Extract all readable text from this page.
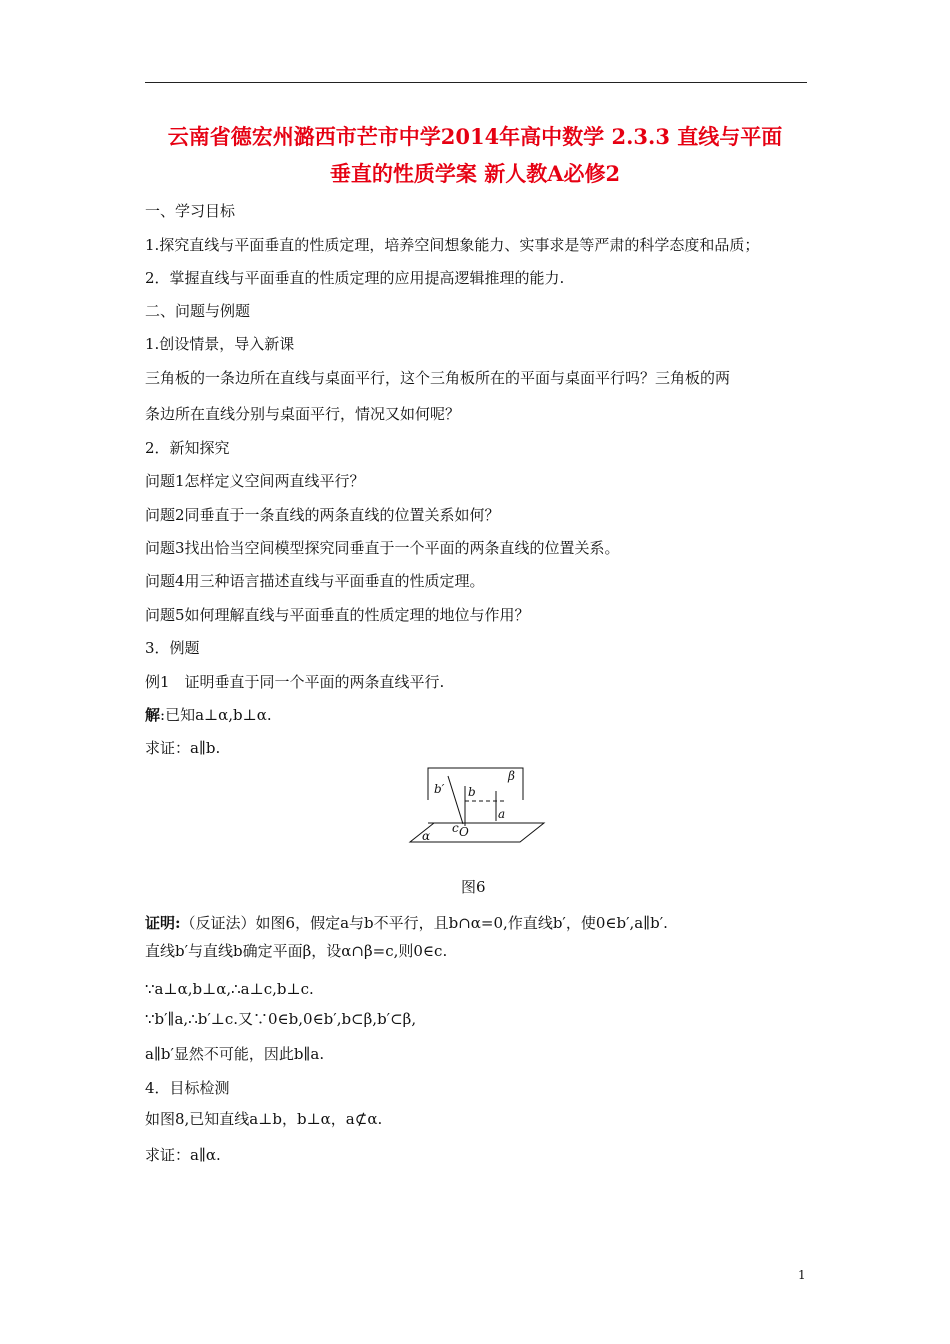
云南省德宏州潞西市芒市中学2014年高中数学 2.3.3 直线与平面
垂直的性质学案 新人教A必修2
一、学习目标
1.探究直线与平面垂直的性质定理，培养空间想象能力、实事求是等严肃的科学态度和品质；
2．掌握直线与平面垂直的性质定理的应用提高逻辑推理的能力.
二、问题与例题
1.创设情景，导入新课
三角板的一条边所在直线与桌面平行，这个三角板所在的平面与桌面平行吗？三角板的两
条边所在直线分别与桌面平行，情况又如何呢？
2．新知探究
问题1怎样定义空间两直线平行？
问题2同垂直于一条直线的两条直线的位置关系如何？
问题3找出恰当空间模型探究同垂直于一个平面的两条直线的位置关系。
问题4用三种语言描述直线与平面垂直的性质定理。
问题5如何理解直线与平面垂直的性质定理的地位与作用？
3．例题
例1　证明垂直于同一个平面的两条直线平行.
解:已知a⊥α,b⊥α.
求证：a∥b.
β
b′ b
a
c O
α
图6
证明:（反证法）如图6，假定a与b不平行，且b∩α=0,作直线b′，使0∈b′,a∥b′.
直线b′与直线b确定平面β，设α∩β=c,则0∈c.
∵a⊥α,b⊥α,∴a⊥c,b⊥c.
∵b′∥a,∴b′⊥c.又∵0∈b,0∈b′,b⊂β,b′⊂β,
a∥b′显然不可能，因此b∥a.
4．目标检测
如图8,已知直线a⊥b，b⊥α，a⊄α.
求证：a∥α.
1
